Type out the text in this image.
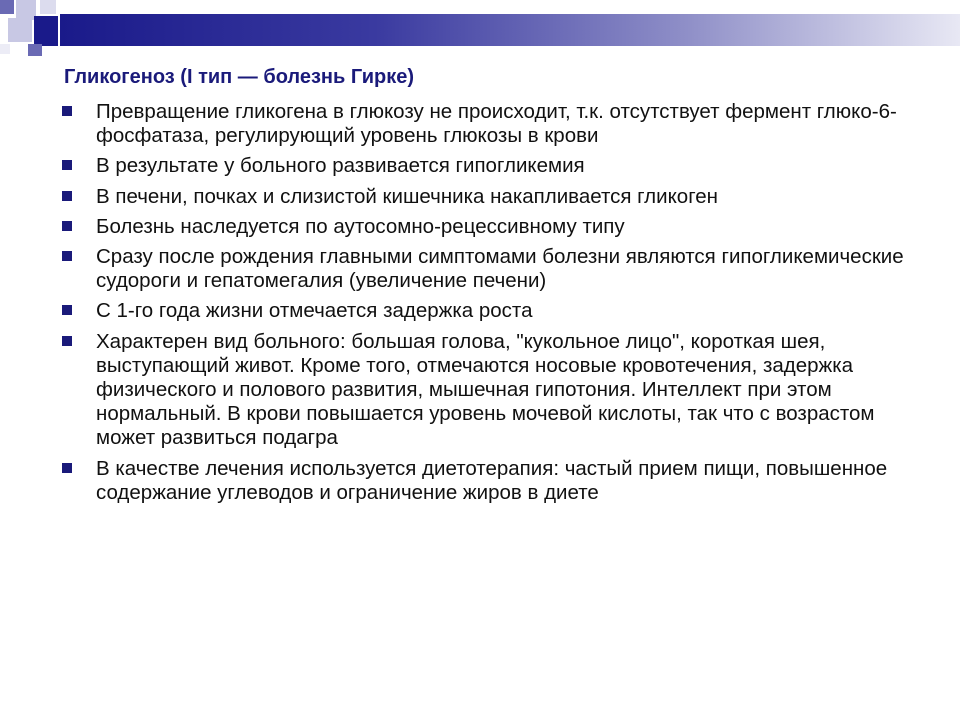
Гликогеноз (I тип — болезнь Гирке)
Превращение гликогена в глюкозу не происходит, т.к. отсутствует фермент глюко-6-фосфатаза, регулирующий уровень глюкозы в крови
В результате у больного развивается гипогликемия
В печени, почках и слизистой кишечника накапливается гликоген
Болезнь наследуется по аутосомно-рецессивному типу
Сразу после рождения главными симптомами болезни являются гипогликемические судороги и гепатомегалия (увеличение печени)
С 1-го года жизни отмечается задержка роста
Характерен вид больного: большая голова, "кукольное лицо", короткая шея, выступающий живот. Кроме того, отмечаются носовые кровотечения, задержка физического и полового развития, мышечная гипотония. Интеллект при этом нормальный. В крови повышается уровень мочевой кислоты, так что с возрастом может развиться подагра
В качестве лечения используется диетотерапия: частый прием пищи, повышенное содержание углеводов и ограничение жиров в диете
